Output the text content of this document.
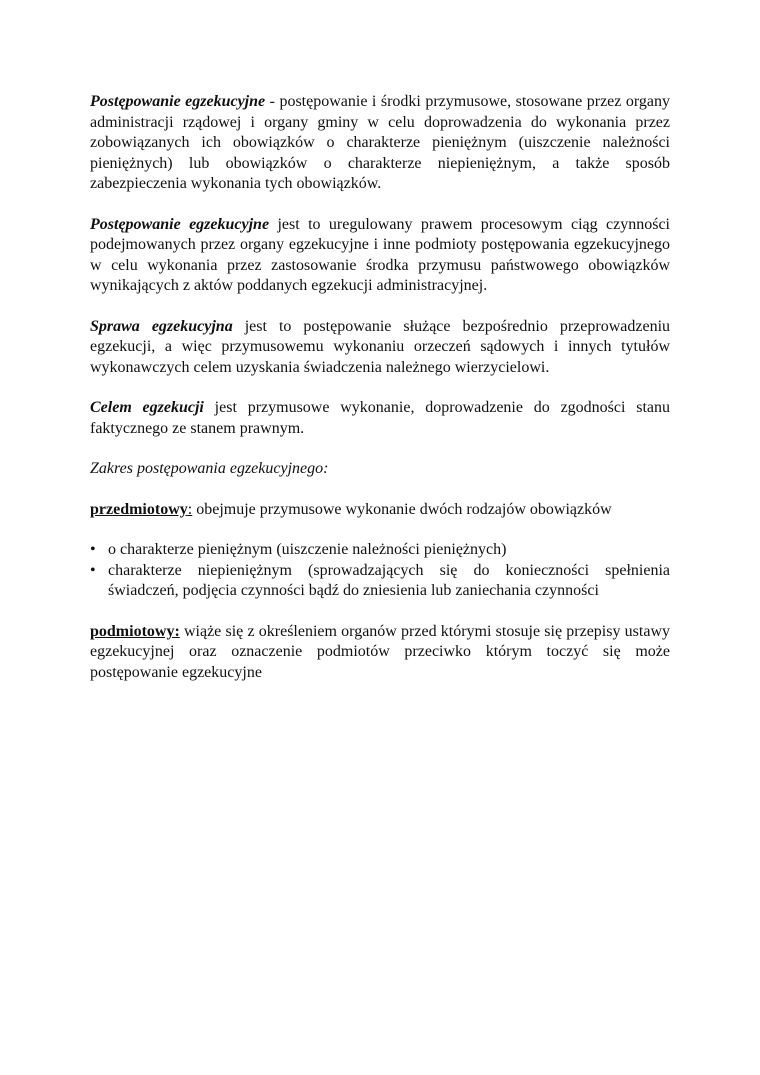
Postępowanie egzekucyjne - postępowanie i środki przymusowe, stosowane przez organy administracji rządowej i organy gminy w celu doprowadzenia do wykonania przez zobowiązanych ich obowiązków o charakterze pieniężnym (uiszczenie należności pieniężnych) lub obowiązków o charakterze niepieniężnym, a także sposób zabezpieczenia wykonania tych obowiązków.

Postępowanie egzekucyjne jest to uregulowany prawem procesowym ciąg czynności podejmowanych przez organy egzekucyjne i inne podmioty postępowania egzekucyjnego w celu wykonania przez zastosowanie środka przymusu państwowego obowiązków wynikających z aktów poddanych egzekucji administracyjnej.

Sprawa egzekucyjna jest to postępowanie służące bezpośrednio przeprowadzeniu egzekucji, a więc przymusowemu wykonaniu orzeczeń sądowych i innych tytułów wykonawczych celem uzyskania świadczenia należnego wierzycielowi.

Celem egzekucji jest przymusowe wykonanie, doprowadzenie do zgodności stanu faktycznego ze stanem prawnym.

Zakres postępowania egzekucyjnego:

przedmiotowy: obejmuje przymusowe wykonanie dwóch rodzajów obowiązków

• o charakterze pieniężnym (uiszczenie należności pieniężnych)
• charakterze niepieniężnym (sprowadzających się do konieczności spełnienia świadczeń, podjęcia czynności bądź do zniesienia lub zaniechania czynności

podmiotowy: wiąże się z określeniem organów przed którymi stosuje się przepisy ustawy egzekucyjnej oraz oznaczenie podmiotów przeciwko którym toczyć się może postępowanie egzekucyjne
